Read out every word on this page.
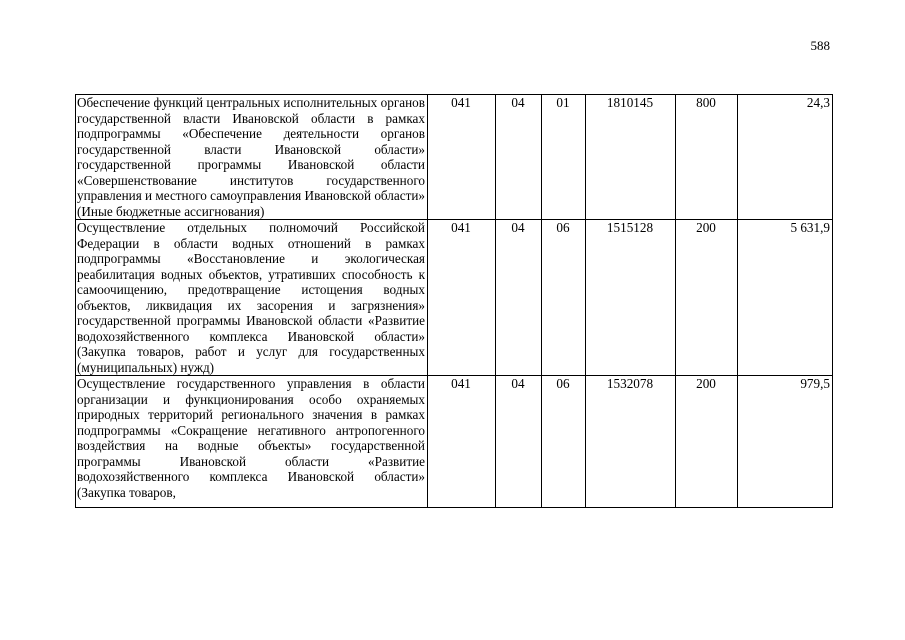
588
Обеспечение функций центральных исполнительных органов государственной власти Ивановской области в рамках подпрограммы «Обеспечение деятельности органов государственной власти Ивановской области» государственной программы Ивановской области «Совершенствование институтов государственного управления и местного самоуправления Ивановской области» (Иные бюджетные ассигнования)	041	04	01	1810145	800	24,3

Осуществление отдельных полномочий Российской Федерации в области водных отношений в рамках подпрограммы «Восстановление и экологическая реабилитация водных объектов, утративших способность к самоочищению, предотвращение истощения водных объектов, ликвидация их засорения и загрязнения» государственной программы Ивановской области «Развитие водохозяйственного комплекса Ивановской области» (Закупка товаров, работ и услуг для государственных (муниципальных) нужд)	041	04	06	1515128	200	5 631,9

Осуществление государственного управления в области организации и функционирования особо охраняемых природных территорий регионального значения в рамках подпрограммы «Сокращение негативного антропогенного воздействия на водные объекты» государственной программы Ивановской области «Развитие водохозяйственного комплекса Ивановской области» (Закупка товаров,	041	04	06	1532078	200	979,5
